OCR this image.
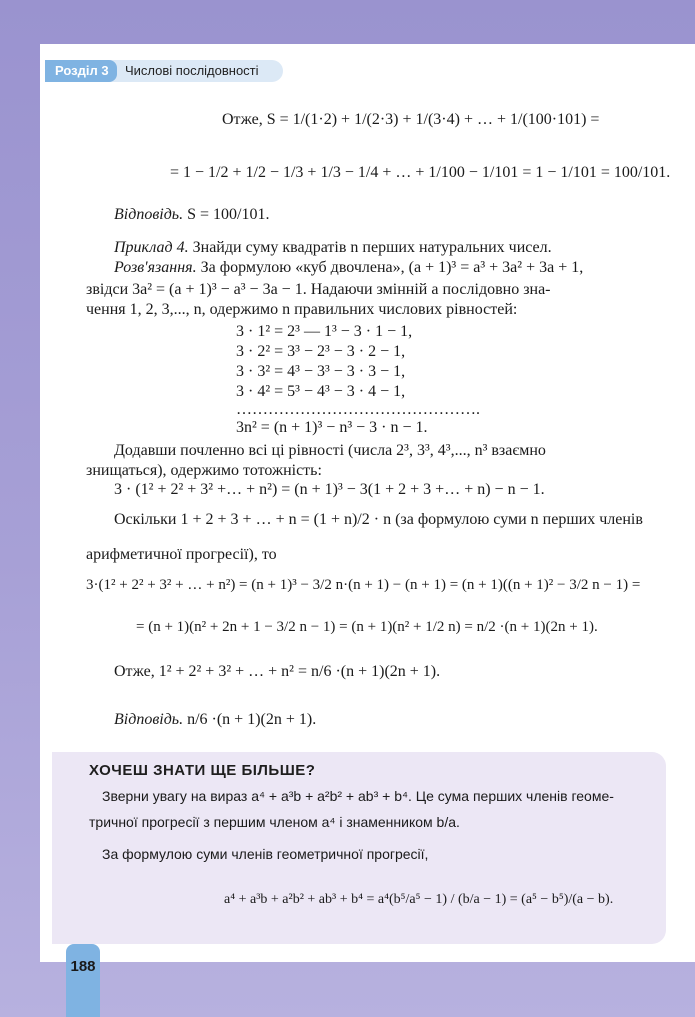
Розділ 3	Числові послідовності
Отже, S = 1/(1·2) + 1/(2·3) + 1/(3·4) + … + 1/(100·101) =
= 1 − 1/2 + 1/2 − 1/3 + 1/3 − 1/4 + … + 1/100 − 1/101 = 1 − 1/101 = 100/101.
Відповідь. S = 100/101.
Приклад 4. Знайди суму квадратів n перших натуральних чисел.
Розв'язання. За формулою «куб двочлена», (a + 1)³ = a³ + 3a² + 3a + 1,
звідси 3a² = (a + 1)³ − a³ − 3a − 1. Надаючи змінній a послідовно зна-
чення 1, 2, 3,..., n, одержимо n правильних числових рівностей:
3 · 1² = 2³ — 1³ − 3 · 1 − 1,
3 · 2² = 3³ − 2³ − 3 · 2 − 1,
3 · 3² = 4³ − 3³ − 3 · 3 − 1,
3 · 4² = 5³ − 4³ − 3 · 4 − 1,
……………………………………….
3n² = (n + 1)³ − n³ − 3 · n − 1.
Додавши почленно всі ці рівності (числа 2³, 3³, 4³,..., n³ взаємно
знищаться), одержимо тотожність:
3 · (1² + 2² + 3² +… + n²) = (n + 1)³ − 3(1 + 2 + 3 +… + n) − n − 1.
Оскільки 1 + 2 + 3 + … + n = (1 + n)/2 · n (за формулою суми n перших членів
арифметичної прогресії), то
3·(1² + 2² + 3² + … + n²) = (n + 1)³ − 3/2 n·(n + 1) − (n + 1) = (n + 1)((n + 1)² − 3/2 n − 1) =
= (n + 1)(n² + 2n + 1 − 3/2 n − 1) = (n + 1)(n² + 1/2 n) = n/2 ·(n + 1)(2n + 1).
Отже, 1² + 2² + 3² + … + n² = n/6 ·(n + 1)(2n + 1).
Відповідь. n/6 ·(n + 1)(2n + 1).
ХОЧЕШ ЗНАТИ ЩЕ БІЛЬШЕ?
Зверни увагу на вираз a⁴ + a³b + a²b² + ab³ + b⁴. Це сума перших членів геоме-
тричної прогресії з першим членом a⁴ і знаменником b/a.
За формулою суми членів геометричної прогресії,
a⁴ + a³b + a²b² + ab³ + b⁴ = a⁴(b⁵/a⁵ − 1) / (b/a − 1) = (a⁵ − b⁵)/(a − b).
188
